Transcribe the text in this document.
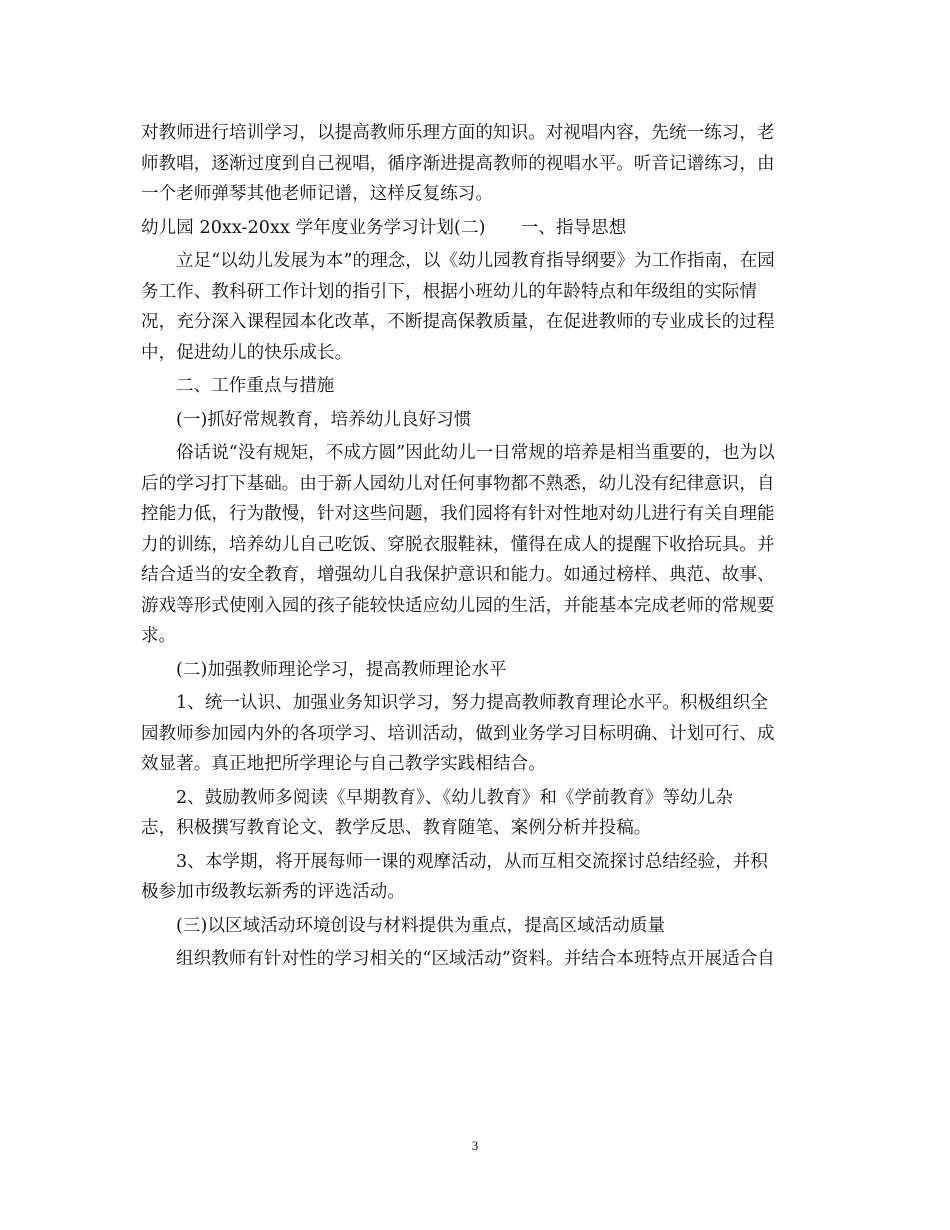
对教师进行培训学习，以提高教师乐理方面的知识。对视唱内容，先统一练习，老
师教唱，逐渐过度到自己视唱，循序渐进提高教师的视唱水平。听音记谱练习，由
一个老师弹琴其他老师记谱，这样反复练习。
幼儿园 20xx-20xx 学年度业务学习计划(二)　　一、指导思想
立足“以幼儿发展为本”的理念，以《幼儿园教育指导纲要》为工作指南，在园
务工作、教科研工作计划的指引下，根据小班幼儿的年龄特点和年级组的实际情
况，充分深入课程园本化改革，不断提高保教质量，在促进教师的专业成长的过程
中，促进幼儿的快乐成长。
二、工作重点与措施
(一)抓好常规教育，培养幼儿良好习惯
俗话说“没有规矩，不成方圆”因此幼儿一日常规的培养是相当重要的，也为以
后的学习打下基础。由于新人园幼儿对任何事物都不熟悉，幼儿没有纪律意识，自
控能力低，行为散慢，针对这些问题，我们园将有针对性地对幼儿进行有关自理能
力的训练，培养幼儿自己吃饭、穿脱衣服鞋袜，懂得在成人的提醒下收拾玩具。并
结合适当的安全教育，增强幼儿自我保护意识和能力。如通过榜样、典范、故事、
游戏等形式使刚入园的孩子能较快适应幼儿园的生活，并能基本完成老师的常规要
求。
(二)加强教师理论学习，提高教师理论水平
1、统一认识、加强业务知识学习，努力提高教师教育理论水平。积极组织全
园教师参加园内外的各项学习、培训活动，做到业务学习目标明确、计划可行、成
效显著。真正地把所学理论与自己教学实践相结合。
2、鼓励教师多阅读《早期教育》、《幼儿教育》和《学前教育》等幼儿杂
志，积极撰写教育论文、教学反思、教育随笔、案例分析并投稿。
3、本学期，将开展每师一课的观摩活动，从而互相交流探讨总结经验，并积
极参加市级教坛新秀的评选活动。
(三)以区域活动环境创设与材料提供为重点，提高区域活动质量
组织教师有针对性的学习相关的“区域活动”资料。并结合本班特点开展适合自
3
